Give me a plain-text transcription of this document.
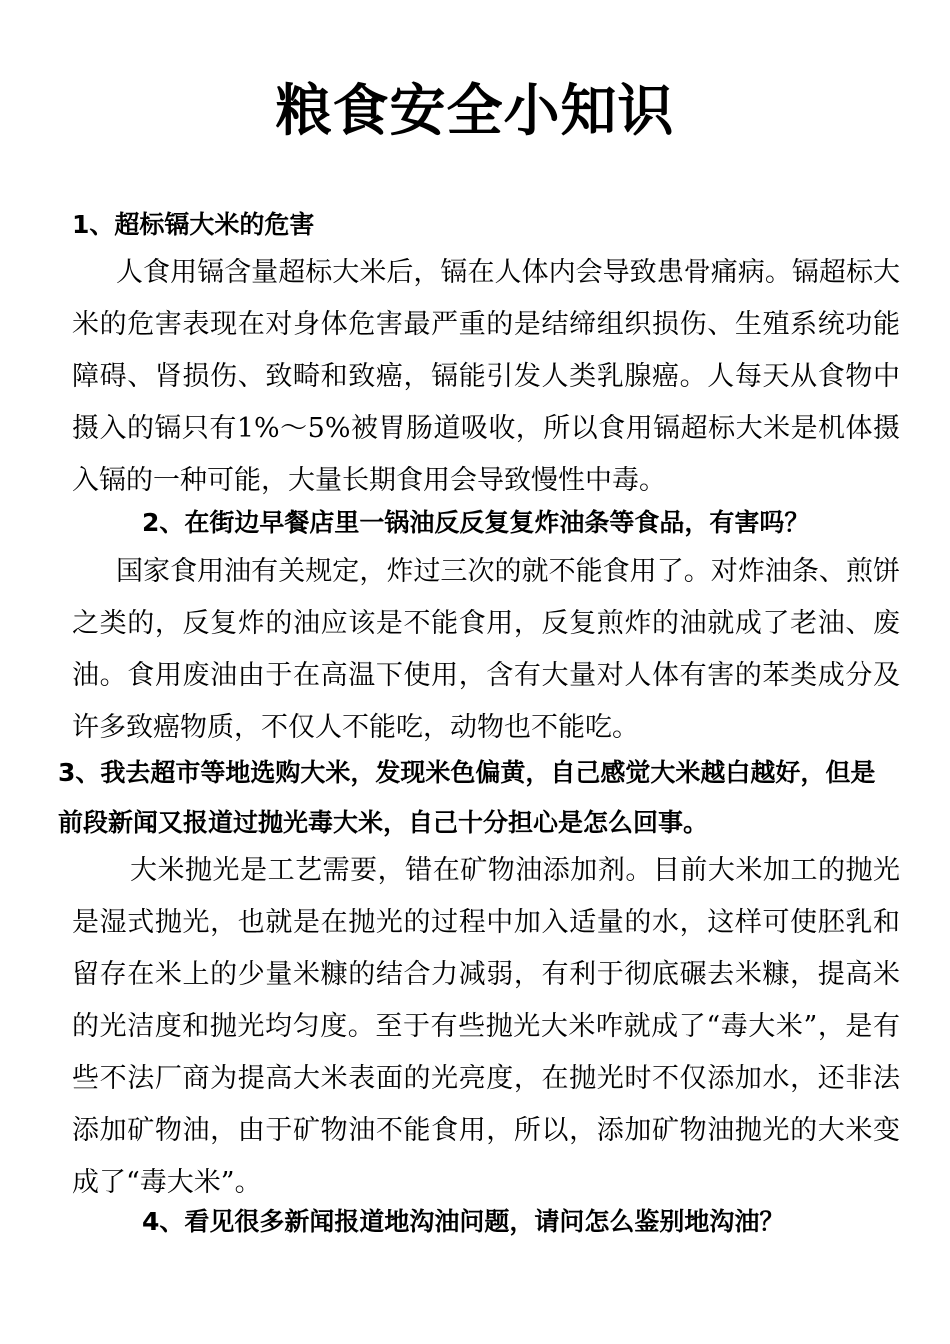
粮食安全小知识
1、超标镉大米的危害

人食用镉含量超标大米后，镉在人体内会导致患骨痛病。镉超标大米的危害表现在对身体危害最严重的是结缔组织损伤、生殖系统功能障碍、肾损伤、致畸和致癌，镉能引发人类乳腺癌。人每天从食物中摄入的镉只有1%～5%被胃肠道吸收，所以食用镉超标大米是机体摄入镉的一种可能，大量长期食用会导致慢性中毒。

2、在街边早餐店里一锅油反反复复炸油条等食品，有害吗？

国家食用油有关规定，炸过三次的就不能食用了。对炸油条、煎饼之类的，反复炸的油应该是不能食用，反复煎炸的油就成了老油、废油。食用废油由于在高温下使用，含有大量对人体有害的苯类成分及许多致癌物质，不仅人不能吃，动物也不能吃。

3、我去超市等地选购大米，发现米色偏黄，自己感觉大米越白越好，但是前段新闻又报道过抛光毒大米，自己十分担心是怎么回事。

大米抛光是工艺需要，错在矿物油添加剂。目前大米加工的抛光是湿式抛光，也就是在抛光的过程中加入适量的水，这样可使胚乳和留存在米上的少量米糠的结合力减弱，有利于彻底碾去米糠，提高米的光洁度和抛光均匀度。至于有些抛光大米咋就成了“毒大米”，是有些不法厂商为提高大米表面的光亮度，在抛光时不仅添加水，还非法添加矿物油，由于矿物油不能食用，所以，添加矿物油抛光的大米变成了“毒大米”。

4、看见很多新闻报道地沟油问题，请问怎么鉴别地沟油？
